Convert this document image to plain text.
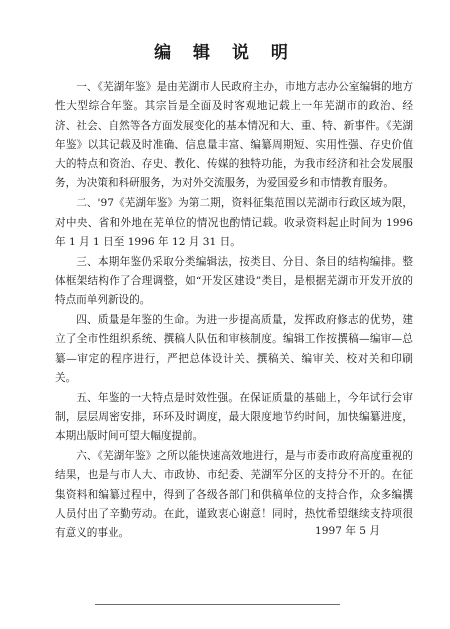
编 辑 说 明

一、《芜湖年鉴》是由芜湖市人民政府主办，市地方志办公室编辑的地方性大型综合年鉴。其宗旨是全面及时客观地记载上一年芜湖市的政治、经济、社会、自然等各方面发展变化的基本情况和大、重、特、新事件。《芜湖年鉴》以其记载及时准确、信息量丰富、编纂周期短、实用性强、存史价值大的特点和资治、存史、教化、传媒的独特功能，为我市经济和社会发展服务，为决策和科研服务，为对外交流服务，为爱国爱乡和市情教育服务。

二、'97《芜湖年鉴》为第二期，资料征集范围以芜湖市行政区域为限，对中央、省和外地在芜单位的情况也酌情记载。收录资料起止时间为 1996 年 1 月 1 日至 1996 年 12 月 31 日。

三、本期年鉴仍采取分类编辑法，按类目、分目、条目的结构编排。整体框架结构作了合理调整，如“开发区建设”类目，是根据芜湖市开发开放的特点而单列新设的。

四、质量是年鉴的生命。为进一步提高质量，发挥政府修志的优势，建立了全市性组织系统、撰稿人队伍和审核制度。编辑工作按撰稿—编审—总纂—审定的程序进行，严把总体设计关、撰稿关、编审关、校对关和印刷关。

五、年鉴的一大特点是时效性强。在保证质量的基础上，今年试行会审制，层层周密安排，环环及时调度，最大限度地节约时间，加快编纂进度，本期出版时间可望大幅度提前。

六、《芜湖年鉴》之所以能快速高效地进行，是与市委市政府高度重视的结果，也是与市人大、市政协、市纪委、芜湖军分区的支持分不开的。在征集资料和编纂过程中，得到了各级各部门和供稿单位的支持合作，众多编撰人员付出了辛勤劳动。在此，谨致衷心谢意！同时，热忱希望继续支持项很有意义的事业。	1997 年 5 月
